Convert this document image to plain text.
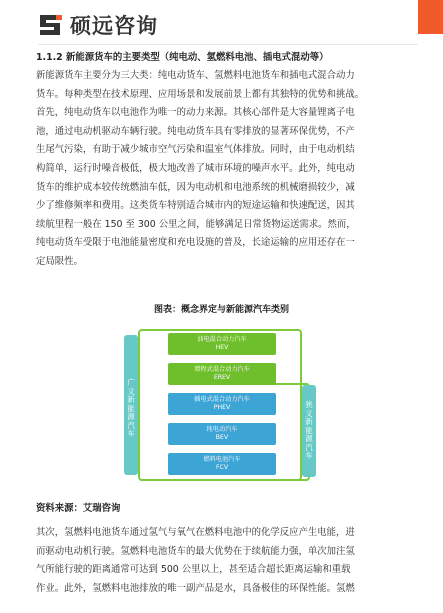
硕远咨询
1.1.2 新能源货车的主要类型（纯电动、氢燃料电池、插电式混动等）

新能源货车主要分为三大类：纯电动货车、氢燃料电池货车和插电式混合动力
货车。每种类型在技术原理、应用场景和发展前景上都有其独特的优势和挑战。
首先，纯电动货车以电池作为唯一的动力来源。其核心部件是大容量锂离子电
池，通过电动机驱动车辆行驶。纯电动货车具有零排放的显著环保优势，不产
生尾气污染，有助于减少城市空气污染和温室气体排放。同时，由于电动机结
构简单，运行时噪音极低，极大地改善了城市环境的噪声水平。此外，纯电动
货车的维护成本较传统燃油车低，因为电动机和电池系统的机械磨损较少，减
少了维修频率和费用。这类货车特别适合城市内的短途运输和快速配送，因其
续航里程一般在 150 至 300 公里之间，能够满足日常货物运送需求。然而，
纯电动货车受限于电池能量密度和充电设施的普及，长途运输的应用还存在一
定局限性。

图表：概念界定与新能源汽车类别
广
义
新
能
源
汽
车
狭
义
新
能
源
汽
车
油电混合动力汽车
HEV
增程式混合动力汽车
EREV
插电式混合动力汽车
PHEV
纯电动汽车
BEV
燃料电池汽车
FCV
资料来源：艾瑞咨询

其次，氢燃料电池货车通过氢气与氧气在燃料电池中的化学反应产生电能，进
而驱动电动机行驶。氢燃料电池货车的最大优势在于续航能力强，单次加注氢
气所能行驶的距离通常可达到 500 公里以上，甚至适合超长距离运输和重载
作业。此外，氢燃料电池排放的唯一副产品是水，具备极佳的环保性能。氢燃
